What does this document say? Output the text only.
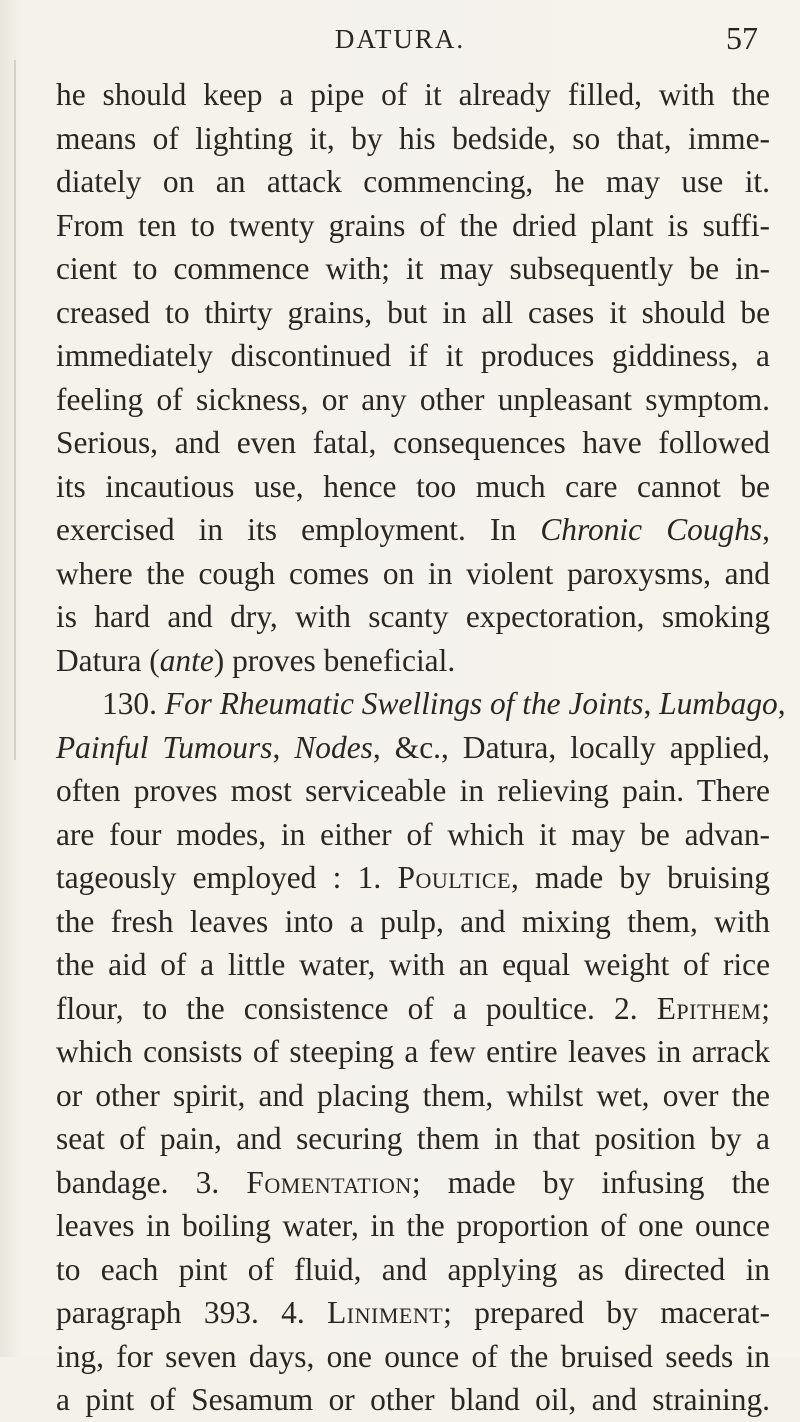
DATURA.	57
he should keep a pipe of it already filled, with the
means of lighting it, by his bedside, so that, imme-
diately on an attack commencing, he may use it.
From ten to twenty grains of the dried plant is suffi-
cient to commence with; it may subsequently be in-
creased to thirty grains, but in all cases it should be
immediately discontinued if it produces giddiness, a
feeling of sickness, or any other unpleasant symptom.
Serious, and even fatal, consequences have followed
its incautious use, hence too much care cannot be
exercised in its employment. In Chronic Coughs,
where the cough comes on in violent paroxysms, and
is hard and dry, with scanty expectoration, smoking
Datura (ante) proves beneficial.
130. For Rheumatic Swellings of the Joints, Lumbago,
Painful Tumours, Nodes, &c., Datura, locally applied,
often proves most serviceable in relieving pain. There
are four modes, in either of which it may be advan-
tageously employed : 1. Poultice, made by bruising
the fresh leaves into a pulp, and mixing them, with
the aid of a little water, with an equal weight of rice
flour, to the consistence of a poultice. 2. Epithem;
which consists of steeping a few entire leaves in arrack
or other spirit, and placing them, whilst wet, over the
seat of pain, and securing them in that position by a
bandage. 3. Fomentation; made by infusing the
leaves in boiling water, in the proportion of one ounce
to each pint of fluid, and applying as directed in
paragraph 393. 4. Liniment; prepared by macerat-
ing, for seven days, one ounce of the bruised seeds in
a pint of Sesamum or other bland oil, and straining.
